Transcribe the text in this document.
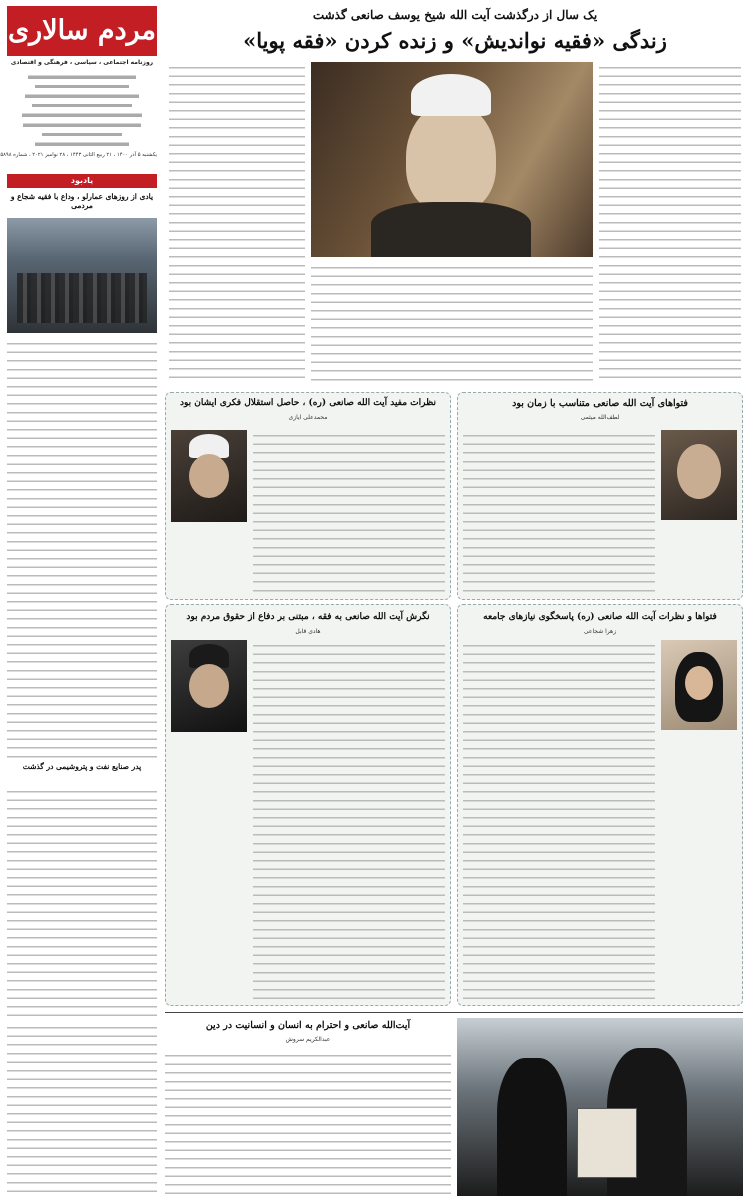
مردم سالاری
روزنامه اجتماعی ، سیاسی ، فرهنگی و اقتصادی
یکشنبه ۵ آذر ۱۴۰۰ ، ۲۱ ربیع الثانی ۱۴۴۳ ، ۲۸ نوامبر ۲۰۲۱ ، شماره ۵۸۹۸
یادبود
یادی از روزهای عمارلو ، وداع با فقیه شجاع و مردمی
پدر صنایع نفت و پتروشیمی در گذشت
یک سال از درگذشت آیت الله شیخ یوسف صانعی گذشت
زندگی «فقیه نواندیش» و زنده کردن «فقه پویا»
فتواهای آیت الله صانعی متناسب با زمان بود
لطف‌الله میثمی
نظرات مفید آیت الله صانعی (ره) ، حاصل استقلال فکری ایشان بود
محمدعلی ایازی
فتواها و نظرات آیت الله صانعی (ره) پاسخگوی نیازهای جامعه
زهرا شجاعی
نگرش آیت الله صانعی به فقه ، مبتنی بر دفاع از حقوق مردم بود
هادی قابل
آیت‌الله صانعی و احترام به انسان و انسانیت در دین
عبدالکریم سروش
